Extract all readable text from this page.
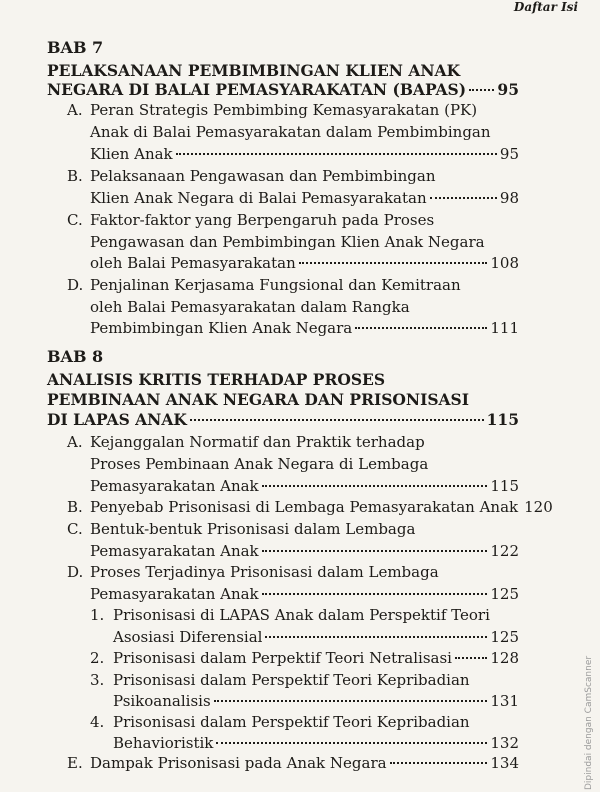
Daftar Isi
BAB 7
PELAKSANAAN PEMBIMBINGAN KLIEN ANAK
NEGARA DI BALAI PEMASYARAKATAN (BAPAS) 95
A. Peran Strategis Pembimbing Kemasyarakatan (PK)
Anak di Balai Pemasyarakatan dalam Pembimbingan
Klien Anak	95
B. Pelaksanaan Pengawasan dan Pembimbingan
Klien Anak Negara di Balai Pemasyarakatan	98
C. Faktor-faktor yang Berpengaruh pada Proses
Pengawasan dan Pembimbingan Klien Anak Negara
oleh Balai Pemasyarakatan	108
D. Penjalinan Kerjasama Fungsional dan Kemitraan
oleh Balai Pemasyarakatan dalam Rangka
Pembimbingan Klien Anak Negara	111
BAB 8
ANALISIS KRITIS TERHADAP PROSES
PEMBINAAN ANAK NEGARA DAN PRISONISASI
DI LAPAS ANAK	115
A. Kejanggalan Normatif dan Praktik terhadap
Proses Pembinaan Anak Negara di Lembaga
Pemasyarakatan Anak	115
B. Penyebab Prisonisasi di Lembaga Pemasyarakatan Anak 120
C. Bentuk-bentuk Prisonisasi dalam Lembaga
Pemasyarakatan Anak	122
D. Proses Terjadinya Prisonisasi dalam Lembaga
Pemasyarakatan Anak	125
1. Prisonisasi di LAPAS Anak dalam Perspektif Teori
Asosiasi Diferensial	125
2. Prisonisasi dalam Perpektif Teori Netralisasi	128
3. Prisonisasi dalam Perspektif Teori Kepribadian
Psikoanalisis	131
4. Prisonisasi dalam Perspektif Teori Kepribadian
Behavioristik	132
E. Dampak Prisonisasi pada Anak Negara	134	Dipindai dengan CamScanner
